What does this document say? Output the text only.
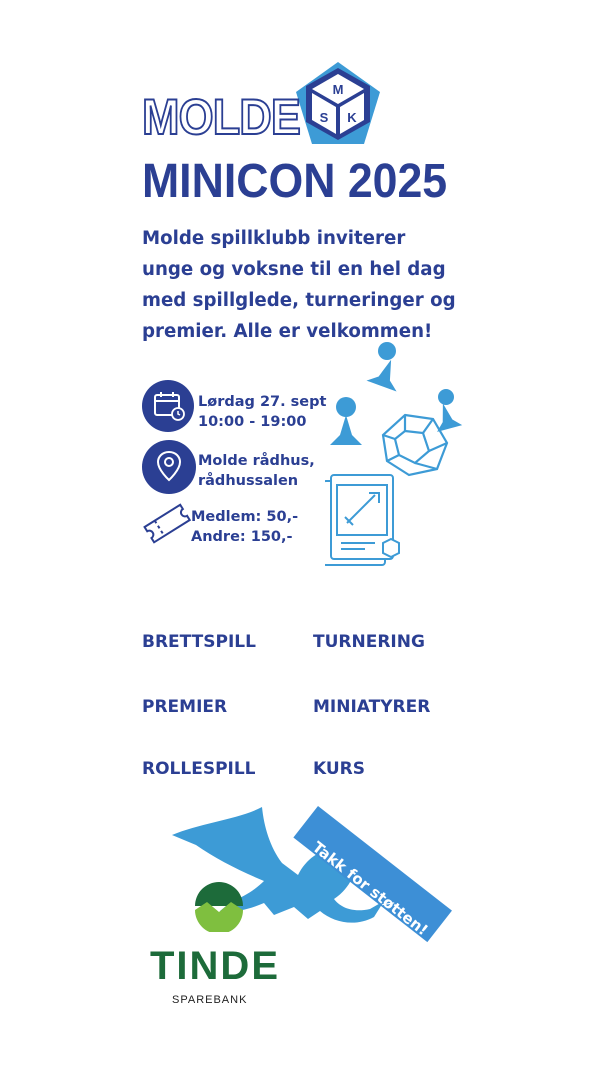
M
S K
MOLDE
MINICON 2025
Molde spillklubb inviterer unge og voksne til en hel dag med spillglede, turneringer og premier. Alle er velkommen!
Lørdag 27. sept
10:00 - 19:00
Molde rådhus,
rådhussalen
Medlem: 50,-
Andre: 150,-
BRETTSPILL	TURNERING
PREMIER	MINIATYRER
ROLLESPILL	KURS
Takk for støtten!
TINDE
SPAREBANK
